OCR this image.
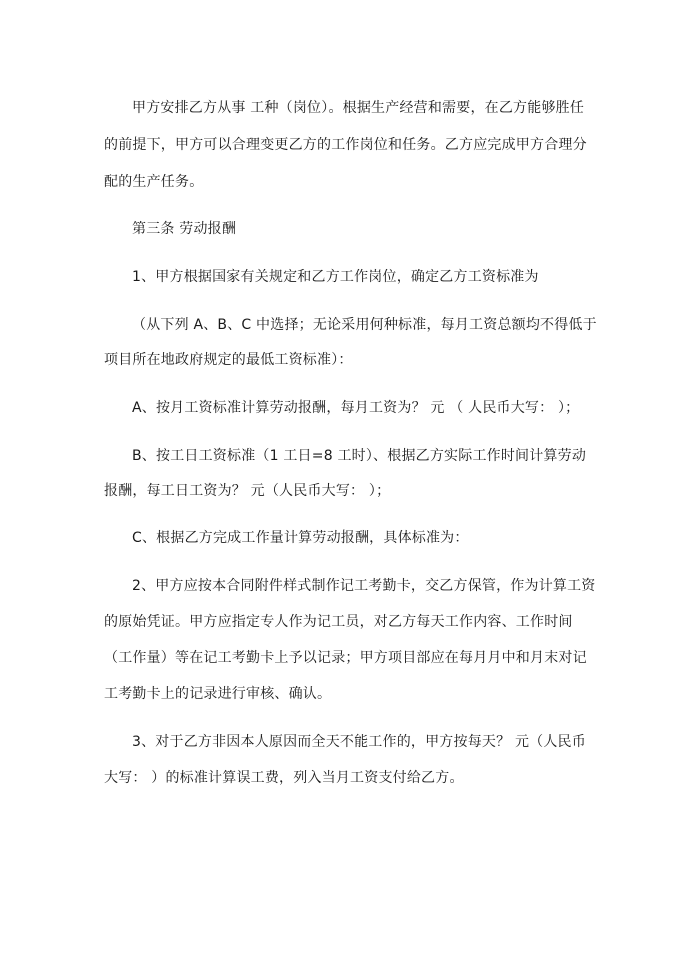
甲方安排乙方从事 工种（岗位）。根据生产经营和需要，在乙方能够胜任
的前提下，甲方可以合理变更乙方的工作岗位和任务。乙方应完成甲方合理分
配的生产任务。
第三条 劳动报酬
1、甲方根据国家有关规定和乙方工作岗位，确定乙方工资标准为
（从下列 A、B、C 中选择；无论采用何种标准，每月工资总额均不得低于
项目所在地政府规定的最低工资标准）：
A、按月工资标准计算劳动报酬，每月工资为？ 元 （ 人民币大写： ）；
B、按工日工资标准（1 工日=8 工时）、根据乙方实际工作时间计算劳动
报酬，每工日工资为？ 元（人民币大写： ）；
C、根据乙方完成工作量计算劳动报酬，具体标准为：
2、甲方应按本合同附件样式制作记工考勤卡，交乙方保管，作为计算工资
的原始凭证。甲方应指定专人作为记工员，对乙方每天工作内容、工作时间
（工作量）等在记工考勤卡上予以记录；甲方项目部应在每月月中和月末对记
工考勤卡上的记录进行审核、确认。
3、对于乙方非因本人原因而全天不能工作的，甲方按每天？ 元（人民币
大写： ）的标准计算误工费，列入当月工资支付给乙方。
